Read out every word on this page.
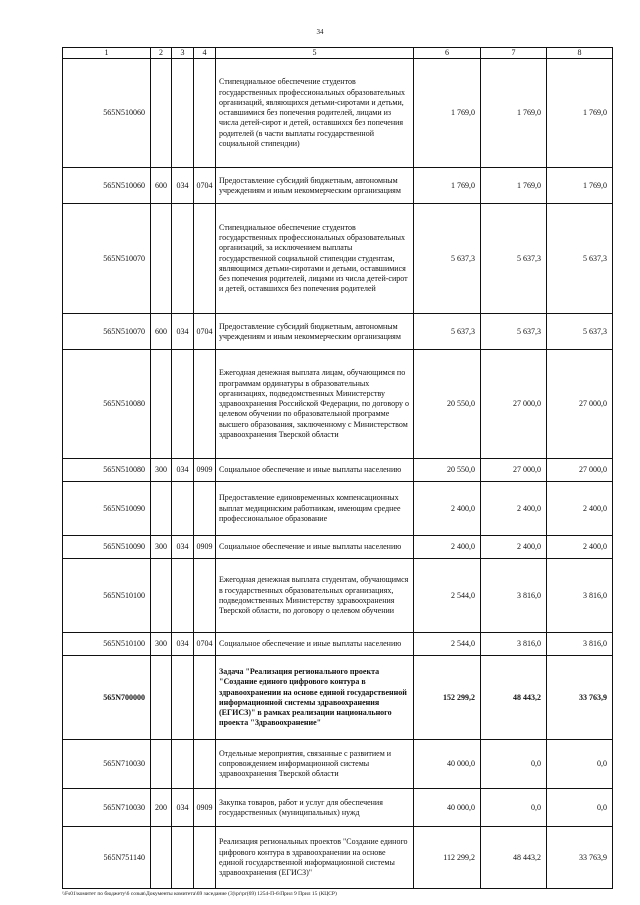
34
1	2	3	4	5	6	7	8
565N510060				Стипендиальное обеспечение студентов государственных профессиональных образовательных организаций, являющихся детьми-сиротами и детьми, оставшимися без попечения родителей, лицами из числа детей-сирот и детей, оставшихся без попечения родителей (в части выплаты государственной социальной стипендии)	1 769,0	1 769,0	1 769,0
565N510060	600	034	0704	Предоставление субсидий бюджетным, автономным учреждениям и иным некоммерческим организациям	1 769,0	1 769,0	1 769,0
565N510070				Стипендиальное обеспечение студентов государственных профессиональных образовательных организаций, за исключением выплаты государственной социальной стипендии студентам, являющимся детьми-сиротами и детьми, оставшимися без попечения родителей, лицами из числа детей-сирот и детей, оставшихся без попечения родителей	5 637,3	5 637,3	5 637,3
565N510070	600	034	0704	Предоставление субсидий бюджетным, автономным учреждениям и иным некоммерческим организациям	5 637,3	5 637,3	5 637,3
565N510080				Ежегодная денежная выплата лицам, обучающимся по программам ординатуры в образовательных организациях, подведомственных Министерству здравоохранения Российской Федерации, по договору о целевом обучении по образовательной программе высшего образования, заключенному с Министерством здравоохранения Тверской области	20 550,0	27 000,0	27 000,0
565N510080	300	034	0909	Социальное обеспечение и иные выплаты населению	20 550,0	27 000,0	27 000,0
565N510090				Предоставление единовременных компенсационных выплат медицинским работникам, имеющим среднее профессиональное образование	2 400,0	2 400,0	2 400,0
565N510090	300	034	0909	Социальное обеспечение и иные выплаты населению	2 400,0	2 400,0	2 400,0
565N510100				Ежегодная денежная выплата студентам, обучающимся в государственных образовательных организациях, подведомственных Министерству здравоохранения Тверской области, по договору о целевом обучении	2 544,0	3 816,0	3 816,0
565N510100	300	034	0704	Социальное обеспечение и иные выплаты населению	2 544,0	3 816,0	3 816,0
565N700000				Задача "Реализация регионального проекта "Создание единого цифрового контура в здравоохранении на основе единой государственной информационной системы здравоохранения (ЕГИСЗ)" в рамках реализации национального проекта "Здравоохранение"	152 299,2	48 443,2	33 763,9
565N710030				Отдельные мероприятия, связанные с развитием и сопровождением информационной системы здравоохранения Тверской области	40 000,0	0,0	0,0
565N710030	200	034	0909	Закупка товаров, работ и услуг для обеспечения государственных (муниципальных) нужд	40 000,0	0,0	0,0
565N751140				Реализация региональных проектов "Создание единого цифрового контура в здравоохранении на основе единой государственной информационной системы здравоохранения (ЕГИСЗ)"	112 299,2	48 443,2	33 763,9
\\Fs01\комитет по бюджету\6 созыв\Документы комитета\69 заседание (3)\pr\pr(69) 1254-П-6\Прил 9 Прил 15 (КЦСР)
